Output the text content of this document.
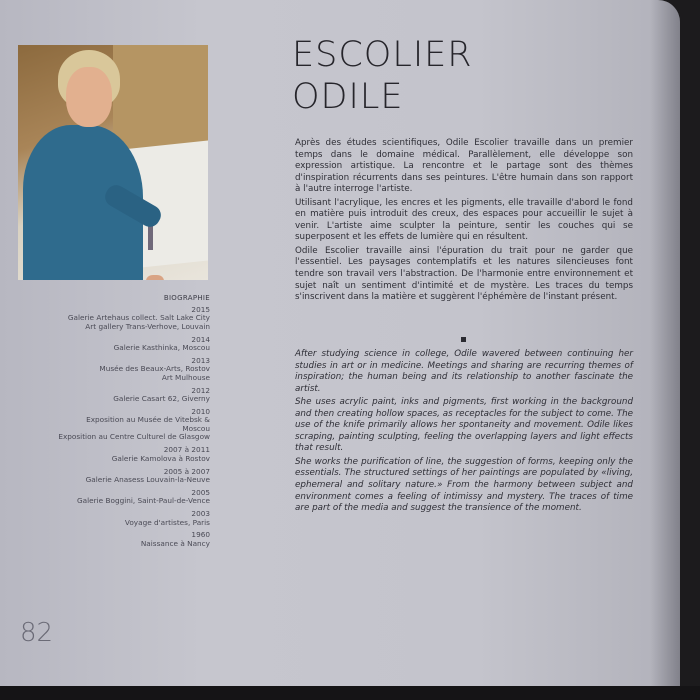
BIOGRAPHIE
2015
Galerie Artehaus collect. Salt Lake City
Art gallery Trans-Verhove, Louvain
2014
Galerie Kasthinka, Moscou
2013
Musée des Beaux-Arts, Rostov
Art Mulhouse
2012
Galerie Casart 62, Giverny
2010
Exposition au Musée de Vitebsk &
Moscou
Exposition au Centre Culturel de Glasgow
2007 à 2011
Galerie Kamolova à Rostov
2005 à 2007
Galerie Anasess Louvain-la-Neuve
2005
Galerie Boggini, Saint-Paul-de-Vence
2003
Voyage d'artistes, Paris
1960
Naissance à Nancy
82
ESCOLIER
ODILE

Après des études scientifiques, Odile Escolier travaille dans un premier temps dans le domaine médical. Parallèlement, elle développe son expression artistique. La rencontre et le partage sont des thèmes d'inspiration récurrents dans ses peintures. L'être humain dans son rapport à l'autre interroge l'artiste.

Utilisant l'acrylique, les encres et les pigments, elle travaille d'abord le fond en matière puis introduit des creux, des espaces pour accueillir le sujet à venir. L'artiste aime sculpter la peinture, sentir les couches qui se superposent et les effets de lumière qui en résultent.

Odile Escolier travaille ainsi l'épuration du trait pour ne garder que l'essentiel. Les paysages contemplatifs et les natures silencieuses font tendre son travail vers l'abstraction. De l'harmonie entre environnement et sujet naît un sentiment d'intimité et de mystère. Les traces du temps s'inscrivent dans la matière et suggèrent l'éphémère de l'instant présent.

After studying science in college, Odile wavered between continuing her studies in art or in medicine. Meetings and sharing are recurring themes of inspiration; the human being and its relationship to another fascinate the artist.

She uses acrylic paint, inks and pigments, first working in the background and then creating hollow spaces, as receptacles for the subject to come. The use of the knife primarily allows her spontaneity and movement. Odile likes scraping, painting sculpting, feeling the overlapping layers and light effects that result.

She works the purification of line, the suggestion of forms, keeping only the essentials. The structured settings of her paintings are populated by «living, ephemeral and solitary nature.» From the harmony between subject and environment comes a feeling of intimissy and mystery. The traces of time are part of the media and suggest the transience of the moment.
